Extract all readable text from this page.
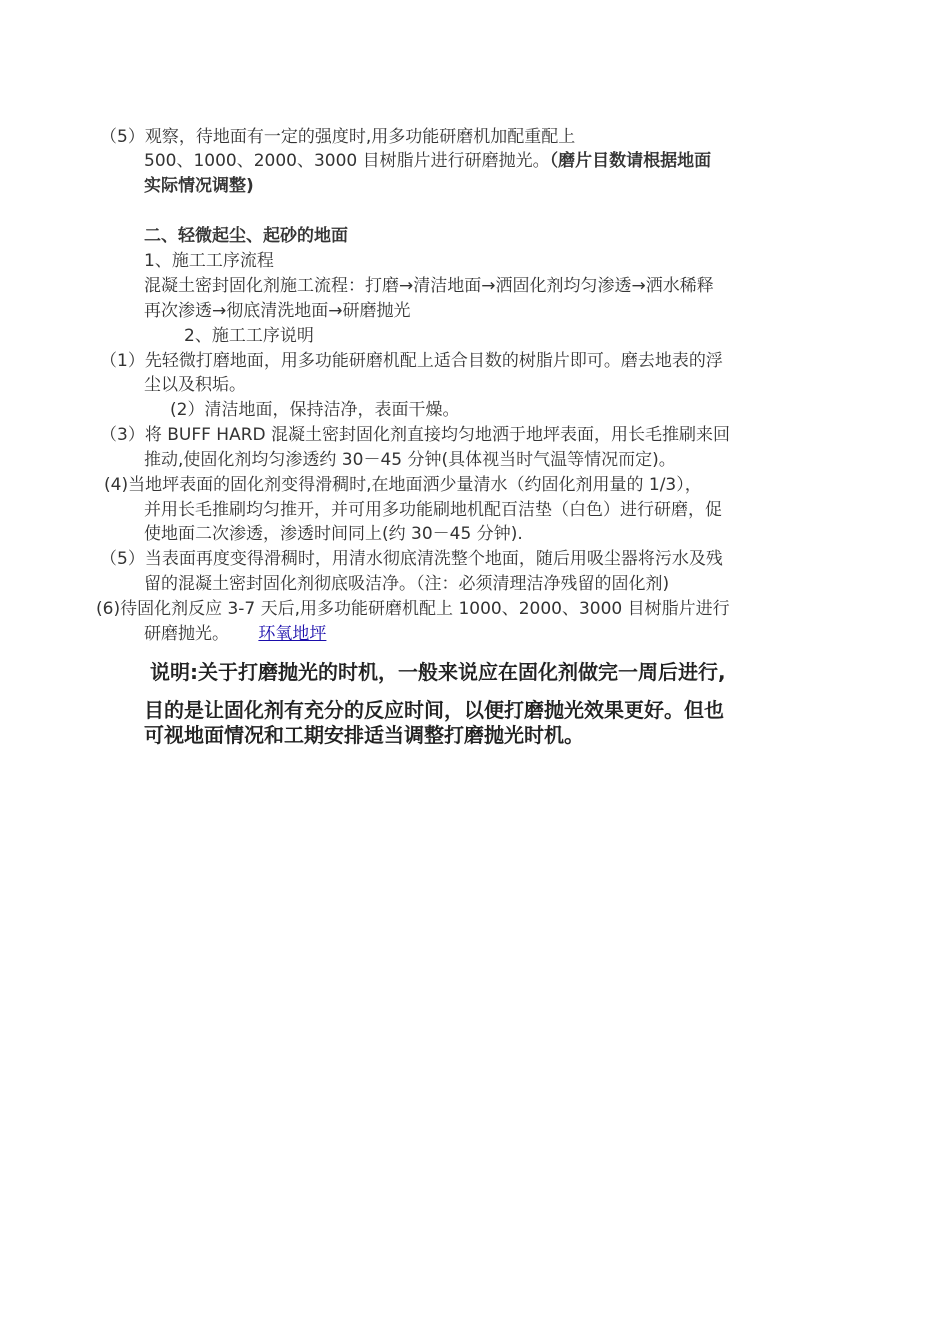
（5）观察，待地面有一定的强度时,用多功能研磨机加配重配上
500、1000、2000、3000 目树脂片进行研磨抛光。（磨片目数请根据地面
实际情况调整)
二、轻微起尘、起砂的地面
1、施工工序流程
混凝土密封固化剂施工流程：打磨→清洁地面→洒固化剂均匀渗透→洒水稀释
再次渗透→彻底清洗地面→研磨抛光
2、施工工序说明
（1）先轻微打磨地面，用多功能研磨机配上适合目数的树脂片即可。磨去地表的浮
尘以及积垢。
(2）清洁地面，保持洁净，表面干燥。
（3）将 BUFF HARD 混凝土密封固化剂直接均匀地洒于地坪表面，用长毛推刷来回
推动,使固化剂均匀渗透约 30－45 分钟(具体视当时气温等情况而定)。
(4)当地坪表面的固化剂变得滑稠时,在地面洒少量清水（约固化剂用量的 1/3），
并用长毛推刷均匀推开，并可用多功能刷地机配百洁垫（白色）进行研磨，促
使地面二次渗透，渗透时间同上(约 30－45 分钟).
（5）当表面再度变得滑稠时，用清水彻底清洗整个地面，随后用吸尘器将污水及残
留的混凝土密封固化剂彻底吸洁净。（注：必须清理洁净残留的固化剂)
(6)待固化剂反应 3-7 天后,用多功能研磨机配上 1000、2000、3000 目树脂片进行
研磨抛光。 环氧地坪
说明:关于打磨抛光的时机，一般来说应在固化剂做完一周后进行,
目的是让固化剂有充分的反应时间，以便打磨抛光效果更好。但也
可视地面情况和工期安排适当调整打磨抛光时机。
